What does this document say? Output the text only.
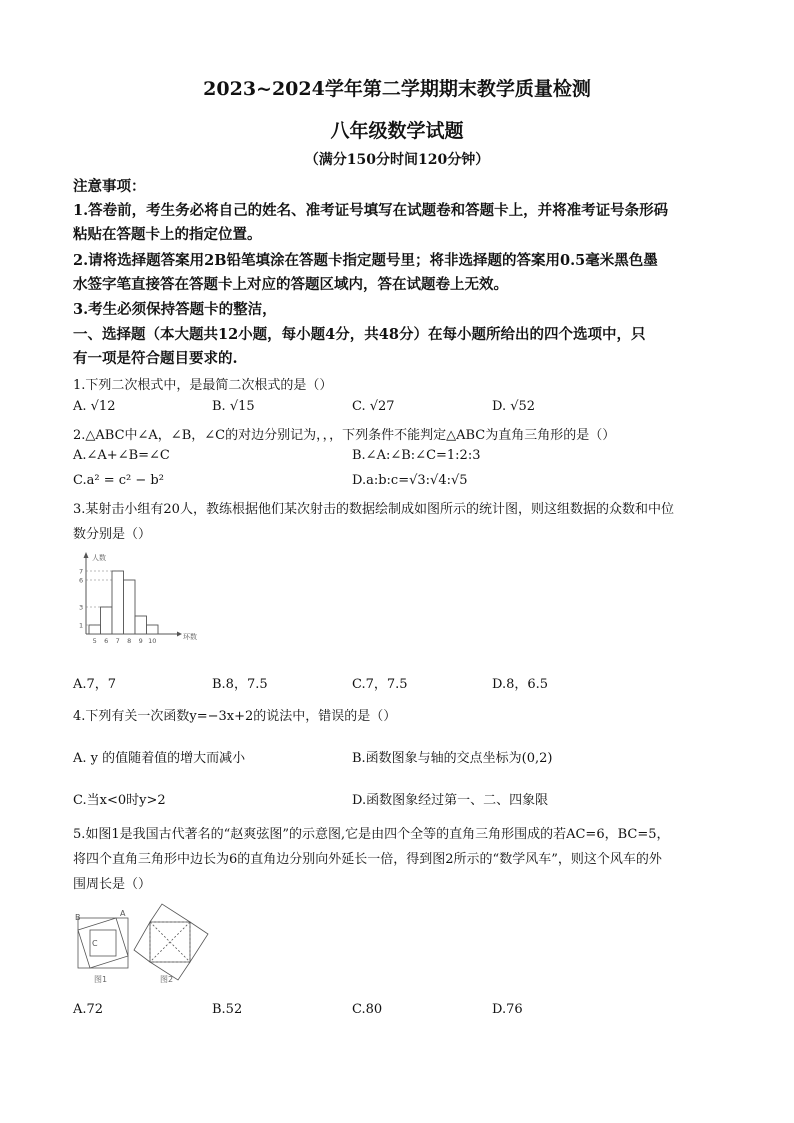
2023~2024学年第二学期期末教学质量检测
八年级数学试题
（满分150分时间120分钟）
注意事项：
1.答卷前，考生务必将自己的姓名、准考证号填写在试题卷和答题卡上，并将准考证号条形码
粘贴在答题卡上的指定位置。
2.请将选择题答案用2B铅笔填涂在答题卡指定题号里；将非选择题的答案用0.5毫米黑色墨
水签字笔直接答在答题卡上对应的答题区域内，答在试题卷上无效。
3.考生必须保持答题卡的整洁，
一、选择题（本大题共12小题，每小题4分，共48分）在每小题所给出的四个选项中，只
有一项是符合题目要求的.
1.下列二次根式中，是最简二次根式的是（）
A. √12	B. √15	C. √27	D. √52
2.△ABC中∠A，∠B，∠C的对边分别记为，，，下列条件不能判定△ABC为直角三角形的是（）
A.∠A+∠B=∠C	B.∠A:∠B:∠C=1:2:3
C.a² = c² − b²	D.a:b:c=√3:√4:√5
3.某射击小组有20人，教练根据他们某次射击的数据绘制成如图所示的统计图，则这组数据的众数和中位
数分别是（）
人数
环数
1
3
6
7
5 6 7 8 9 10
A.7，7	B.8，7.5	C.7，7.5	D.8，6.5
4.下列有关一次函数y=−3x+2的说法中，错误的是（）
A. y 的值随着值的增大而减小	B.函数图象与轴的交点坐标为(0,2)
C.当x<0时y>2	D.函数图象经过第一、二、四象限
5.如图1是我国古代著名的“赵爽弦图”的示意图,它是由四个全等的直角三角形围成的若AC=6，BC=5，
将四个直角三角形中边长为6的直角边分别向外延长一倍，得到图2所示的“数学风车”，则这个风车的外
围周长是（）
B	A
C
图1	图2
A.72	B.52	C.80	D.76
